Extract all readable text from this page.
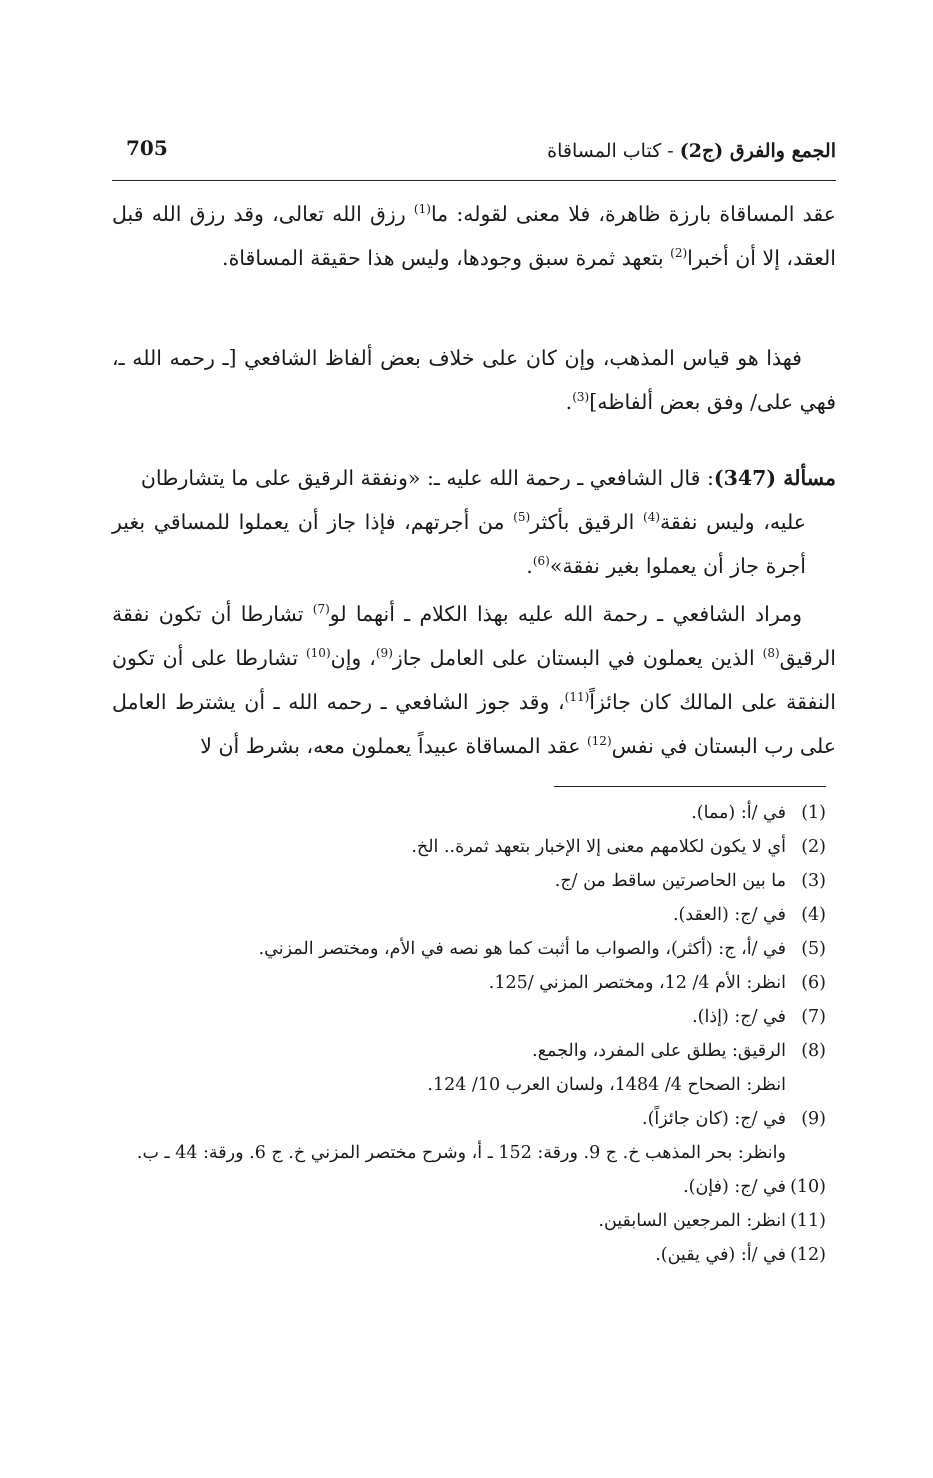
الجمع والفرق (ج2) - كتاب المساقاة
705
عقد المساقاة بارزة ظاهرة، فلا معنى لقوله: ما$^{(1)}$ رزق الله تعالى، وقد رزق الله قبل العقد، إلا أن أخبرا$^{(2)}$ بتعهد ثمرة سبق وجودها، وليس هذا حقيقة المساقاة.
فهذا هو قياس المذهب، وإن كان على خلاف بعض ألفاظ الشافعي [ـ رحمه الله ـ، فهي على/ وفق بعض ألفاظه]$^{(3)}$.
مسألة (347): قال الشافعي ـ رحمة الله عليه ـ: «ونفقة الرقيق على ما يتشارطان
عليه، وليس نفقة$^{(4)}$ الرقيق بأكثر$^{(5)}$ من أجرتهم، فإذا جاز أن يعملوا للمساقي بغير أجرة جاز أن يعملوا بغير نفقة»$^{(6)}$.
ومراد الشافعي ـ رحمة الله عليه بهذا الكلام ـ أنهما لو$^{(7)}$ تشارطا أن تكون نفقة الرقيق$^{(8)}$ الذين يعملون في البستان على العامل جاز$^{(9)}$، وإن$^{(10)}$ تشارطا على أن تكون النفقة على المالك كان جائزاً$^{(11)}$، وقد جوز الشافعي ـ رحمه الله ـ أن يشترط العامل على رب البستان في نفس$^{(12)}$ عقد المساقاة عبيداً يعملون معه، بشرط أن لا
(1)
في /أ: (مما).
(2)
أي لا يكون لكلامهم معنى إلا الإخبار بتعهد ثمرة.. الخ.
(3)
ما بين الحاصرتين ساقط من /ج.
(4)
في /ج: (العقد).
(5)
في /أ، ج: (أكثر)، والصواب ما أثبت كما هو نصه في الأم، ومختصر المزني.
(6)
انظر: الأم 4/ 12، ومختصر المزني /125.
(7)
في /ج: (إذا).
(8)
الرقيق: يطلق على المفرد، والجمع.
انظر: الصحاح 4/ 1484، ولسان العرب 10/ 124.
(9)
في /ج: (كان جائزاً).
وانظر: بحر المذهب خ. ج 9. ورقة: 152 ـ أ، وشرح مختصر المزني خ. ج 6. ورقة: 44 ـ ب.
(10)
في /ج: (فإن).
(11)
انظر: المرجعين السابقين.
(12)
في /أ: (في يقين).
